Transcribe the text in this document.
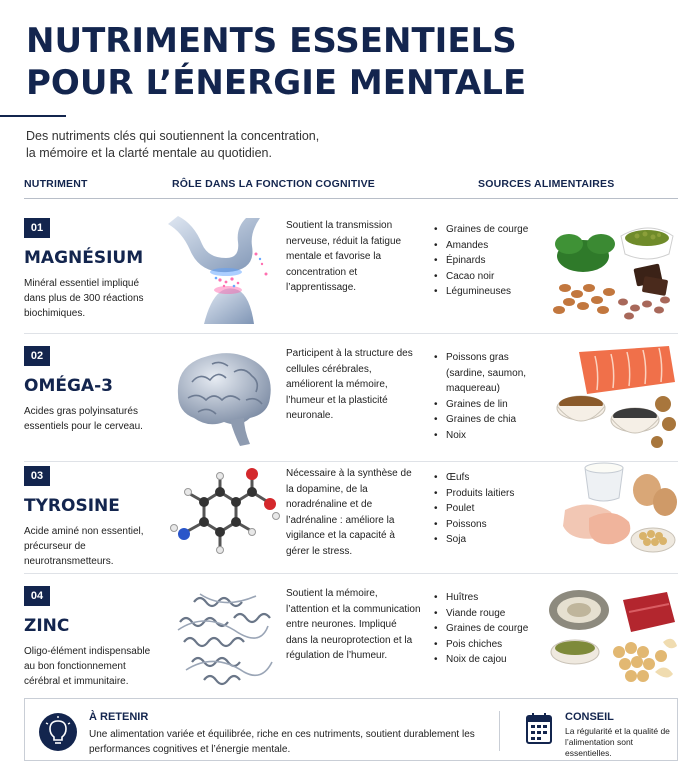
NUTRIMENTS ESSENTIELS
POUR L’ÉNERGIE MENTALE
Des nutriments clés qui soutiennent la concentration,
la mémoire et la clarté mentale au quotidien.
NUTRIMENT	RÔLE DANS LA FONCTION COGNITIVE	SOURCES ALIMENTAIRES
01
MAGNÉSIUM
Minéral essentiel impliqué dans plus de 300 réactions biochimiques.
Soutient la transmission nerveuse, réduit la fatigue mentale et favorise la concentration et l’apprentissage.
• Graines de courge
• Amandes
• Épinards
• Cacao noir
• Légumineuses
02
OMÉGA-3
Acides gras polyinsaturés essentiels pour le cerveau.
Participent à la structure des cellules cérébrales, améliorent la mémoire, l’humeur et la plasticité neuronale.
• Poissons gras (sardine, saumon, maquereau)
• Graines de lin
• Graines de chia
• Noix
03
TYROSINE
Acide aminé non essentiel, précurseur de neurotransmetteurs.
Nécessaire à la synthèse de la dopamine, de la noradrénaline et de l’adrénaline : améliore la vigilance et la capacité à gérer le stress.
• Œufs
• Produits laitiers
• Poulet
• Poissons
• Soja
04
ZINC
Oligo-élément indispensable au bon fonctionnement cérébral et immunitaire.
Soutient la mémoire, l’attention et la communication entre neurones. Impliqué dans la neuroprotection et la régulation de l’humeur.
• Huîtres
• Viande rouge
• Graines de courge
• Pois chiches
• Noix de cajou
À RETENIR
Une alimentation variée et équilibrée, riche en ces nutriments, soutient durablement les performances cognitives et l’énergie mentale.
CONSEIL
La régularité et la qualité de l’alimentation sont essentielles.
